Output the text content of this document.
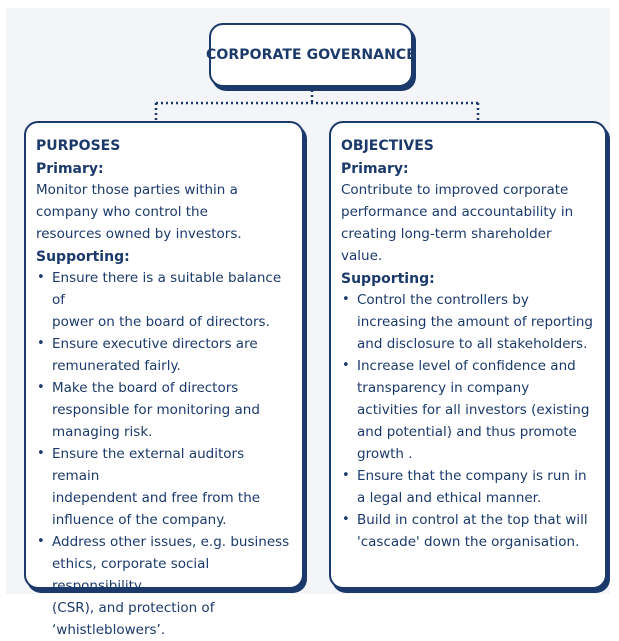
CORPORATE GOVERNANCE
PURPOSES
Primary:
Monitor those parties within a
company who control the
resources owned by investors.
Supporting:
• Ensure there is a suitable balance of
power on the board of directors.
• Ensure executive directors are
remunerated fairly.
• Make the board of directors
responsible for monitoring and
managing risk.
• Ensure the external auditors remain
independent and free from the
influence of the company.
• Address other issues, e.g. business
ethics, corporate social responsibility
(CSR), and protection of
‘whistleblowers’.
OBJECTIVES
Primary:
Contribute to improved corporate
performance and accountability in
creating long-term shareholder
value.
Supporting:
• Control the controllers by
increasing the amount of reporting
and disclosure to all stakeholders.
• Increase level of confidence and
transparency in company
activities for all investors (existing
and potential) and thus promote
growth .
• Ensure that the company is run in
a legal and ethical manner.
• Build in control at the top that will
'cascade' down the organisation.
